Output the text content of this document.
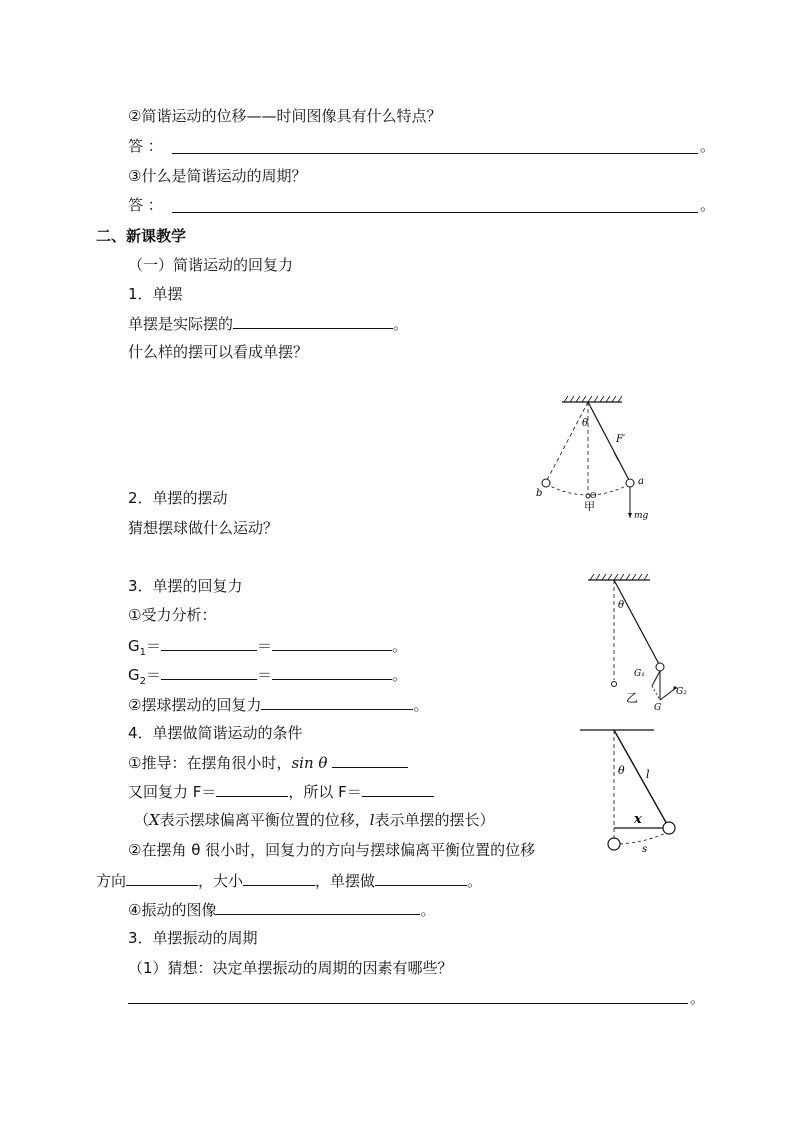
②简谐运动的位移——时间图像具有什么特点？
答 ：	。
③什么是简谐运动的周期？
答 ：	。
二、新课教学
（一）简谐运动的回复力
1．单摆
单摆是实际摆的	。
什么样的摆可以看成单摆？
2．单摆的摆动
猜想摆球做什么运动？
3．单摆的回复力
①受力分析：
$G_1=$	＝	。
$G_2=$	＝	。
②摆球摆动的回复力	。
4．单摆做简谐运动的条件
①推导：在摆角很小时，sin θ
又回复力 F＝	，所以 F＝
（X表示摆球偏离平衡位置的位移，l表示单摆的摆长）
②在摆角 θ 很小时，回复力的方向与摆球偏离平衡位置的位移
方向	，大小	，单摆做	。
④振动的图像	。
3．单摆振动的周期
（1）猜想：决定单摆振动的周期的因素有哪些？
。
θ
F′
a
b	O
甲
mg
θ
G₁
G₂
G
乙
θ l
x
s
